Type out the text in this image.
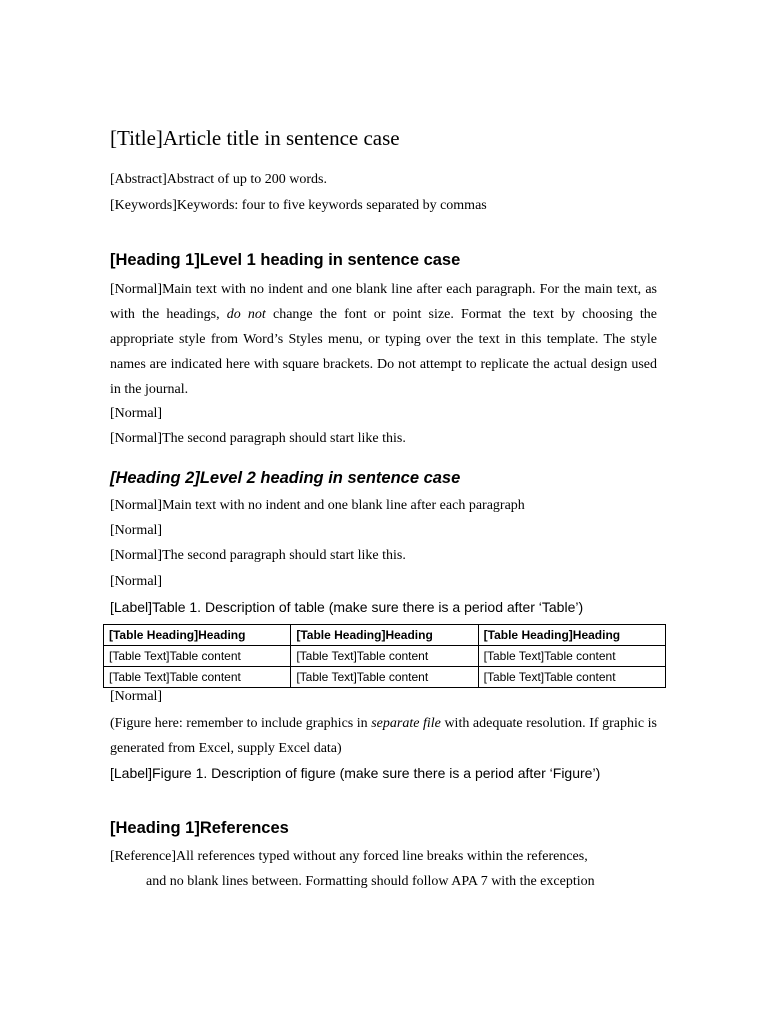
[Title]Article title in sentence case
[Abstract]Abstract of up to 200 words.
[Keywords]Keywords: four to five keywords separated by commas
[Heading 1]Level 1 heading in sentence case
[Normal]Main text with no indent and one blank line after each paragraph. For the main text, as with the headings, do not change the font or point size. Format the text by choosing the appropriate style from Word’s Styles menu, or typing over the text in this template. The style names are indicated here with square brackets. Do not attempt to replicate the actual design used in the journal.
[Normal]
[Normal]The second paragraph should start like this.
[Heading 2]Level 2 heading in sentence case
[Normal]Main text with no indent and one blank line after each paragraph
[Normal]
[Normal]The second paragraph should start like this.
[Normal]
[Label]Table 1. Description of table (make sure there is a period after ‘Table’)
[Table Heading]Heading	[Table Heading]Heading	[Table Heading]Heading
[Table Text]Table content	[Table Text]Table content	[Table Text]Table content
[Table Text]Table content	[Table Text]Table content	[Table Text]Table content
[Normal]
(Figure here: remember to include graphics in separate file with adequate resolution. If graphic is generated from Excel, supply Excel data)
[Label]Figure 1. Description of figure (make sure there is a period after ‘Figure’)
[Heading 1]References
[Reference]All references typed without any forced line breaks within the references,
and no blank lines between. Formatting should follow APA 7 with the exception
